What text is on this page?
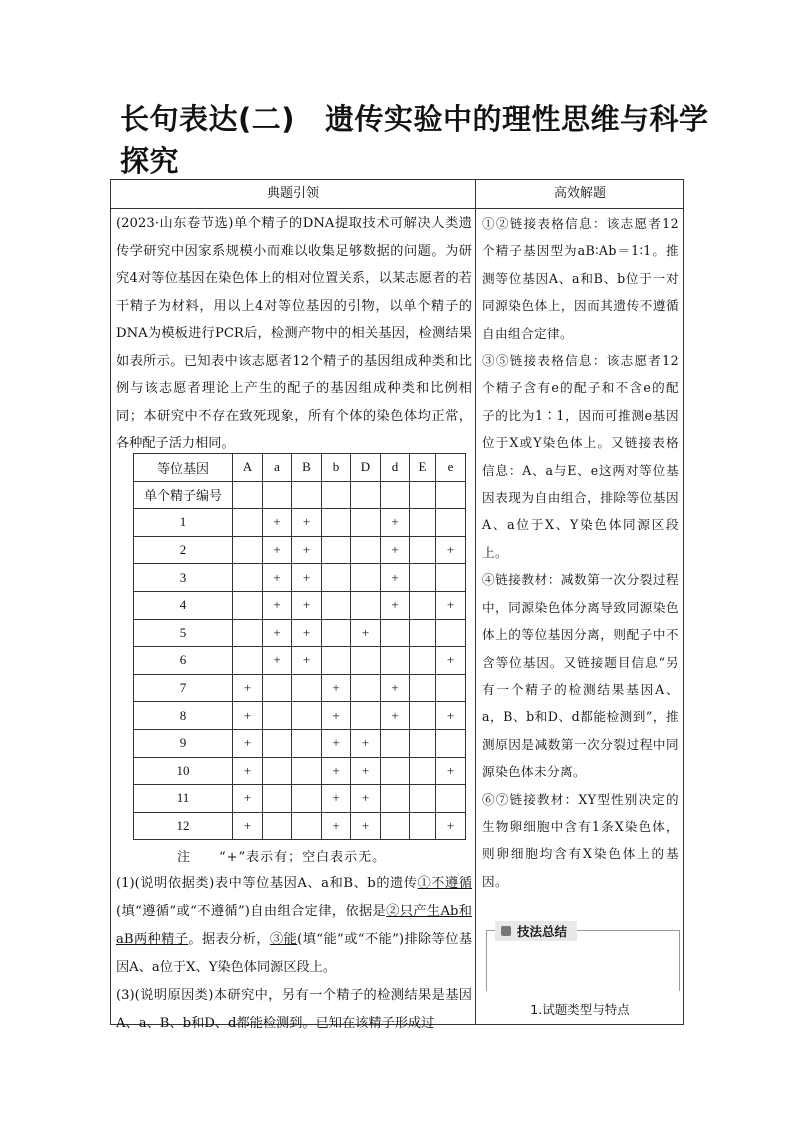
长句表达(二) 遗传实验中的理性思维与科学探究
典题引领	高效解题
(2023·山东卷节选)单个精子的DNA提取技术可解决人类遗传学研究中因家系规模小而难以收集足够数据的问题。为研究4对等位基因在染色体上的相对位置关系，以某志愿者的若干精子为材料，用以上4对等位基因的引物，以单个精子的DNA为模板进行PCR后，检测产物中的相关基因，检测结果如表所示。已知表中该志愿者12个精子的基因组成种类和比例与该志愿者理论上产生的配子的基因组成种类和比例相同；本研究中不存在致死现象，所有个体的染色体均正常，各种配子活力相同。
等位基因	A	a	B	b	D	d	E	e
单个精子编号								
1		+	+			+		
2		+	+			+		+
3		+	+			+		
4		+	+			+		+
5		+	+		+			
6		+	+					+
7	+			+		+		
8	+			+		+		+
9	+			+	+			
10	+			+	+			+
11	+			+	+			
12	+			+	+			+
注　　“+”表示有；空白表示无。
(1)(说明依据类)表中等位基因A、a和B、b的遗传①不遵循(填“遵循”或“不遵循”)自由组合定律，依据是②只产生Ab和aB两种精子。据表分析，③能(填“能”或“不能”)排除等位基因A、a位于X、Y染色体同源区段上。
(3)(说明原因类)本研究中，另有一个精子的检测结果是基因A、a、B、b和D、d都能检测到。已知在该精子形成过
①②链接表格信息：该志愿者12个精子基因型为aB∶Ab＝1∶1。推测等位基因A、a和B、b位于一对同源染色体上，因而其遗传不遵循自由组合定律。
③⑤链接表格信息：该志愿者12个精子含有e的配子和不含e的配子的比为1∶1，因而可推测e基因位于X或Y染色体上。又链接表格信息：A、a与E、e这两对等位基因表现为自由组合，排除等位基因A、a位于X、Y染色体同源区段上。
④链接教材：减数第一次分裂过程中，同源染色体分离导致同源染色体上的等位基因分离，则配子中不含等位基因。又链接题目信息“另有一个精子的检测结果基因A、a，B、b和D、d都能检测到”，推测原因是减数第一次分裂过程中同源染色体未分离。
⑥⑦链接教材：XY型性别决定的生物卵细胞中含有1条X染色体，则卵细胞均含有X染色体上的基因。
技法总结
1.试题类型与特点
